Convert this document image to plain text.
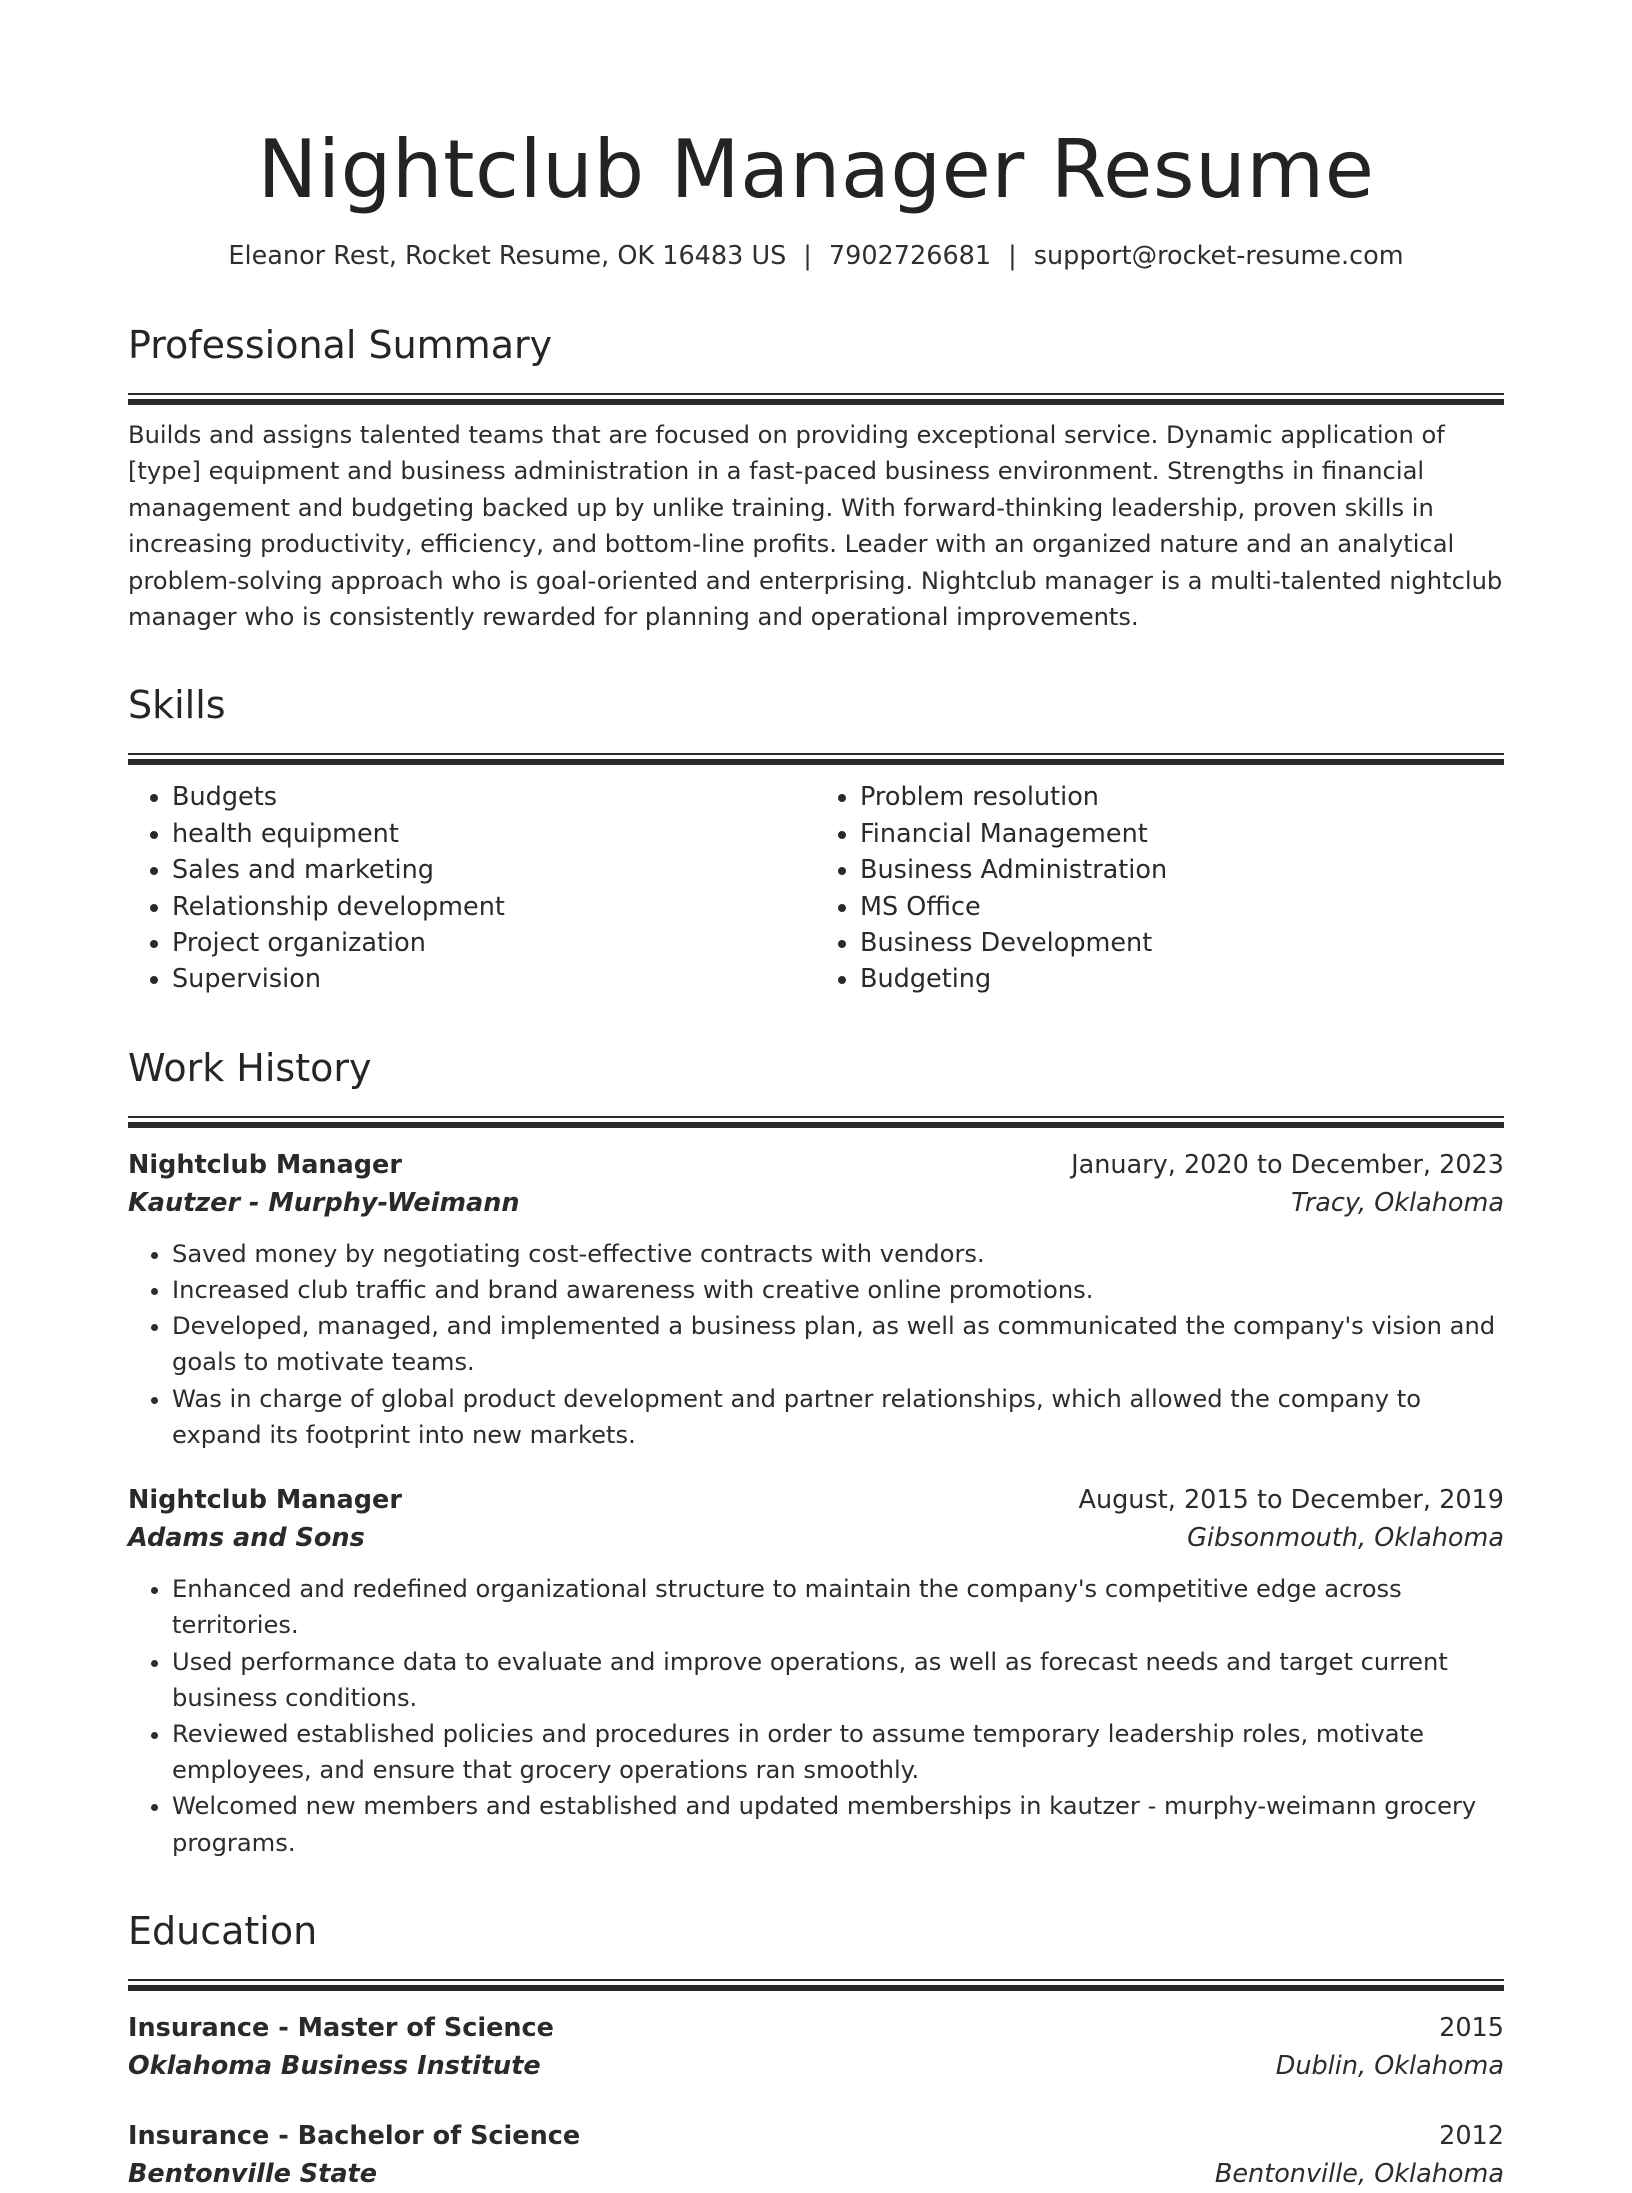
Nightclub Manager Resume
Eleanor Rest, Rocket Resume, OK 16483 US | 7902726681 | support@rocket-resume.com
Professional Summary
Builds and assigns talented teams that are focused on providing exceptional service. Dynamic application of [type] equipment and business administration in a fast-paced business environment. Strengths in financial management and budgeting backed up by unlike training. With forward-thinking leadership, proven skills in increasing productivity, efficiency, and bottom-line profits. Leader with an organized nature and an analytical problem-solving approach who is goal-oriented and enterprising. Nightclub manager is a multi-talented nightclub manager who is consistently rewarded for planning and operational improvements.
Skills
• Budgets
• health equipment
• Sales and marketing
• Relationship development
• Project organization
• Supervision
• Problem resolution
• Financial Management
• Business Administration
• MS Office
• Business Development
• Budgeting
Work History
Nightclub Manager	January, 2020 to December, 2023
Kautzer - Murphy-Weimann	Tracy, Oklahoma
• Saved money by negotiating cost-effective contracts with vendors.
• Increased club traffic and brand awareness with creative online promotions.
• Developed, managed, and implemented a business plan, as well as communicated the company's vision and goals to motivate teams.
• Was in charge of global product development and partner relationships, which allowed the company to expand its footprint into new markets.
Nightclub Manager	August, 2015 to December, 2019
Adams and Sons	Gibsonmouth, Oklahoma
• Enhanced and redefined organizational structure to maintain the company's competitive edge across territories.
• Used performance data to evaluate and improve operations, as well as forecast needs and target current business conditions.
• Reviewed established policies and procedures in order to assume temporary leadership roles, motivate employees, and ensure that grocery operations ran smoothly.
• Welcomed new members and established and updated memberships in kautzer - murphy-weimann grocery programs.
Education
Insurance - Master of Science	2015
Oklahoma Business Institute	Dublin, Oklahoma
Insurance - Bachelor of Science	2012
Bentonville State	Bentonville, Oklahoma
